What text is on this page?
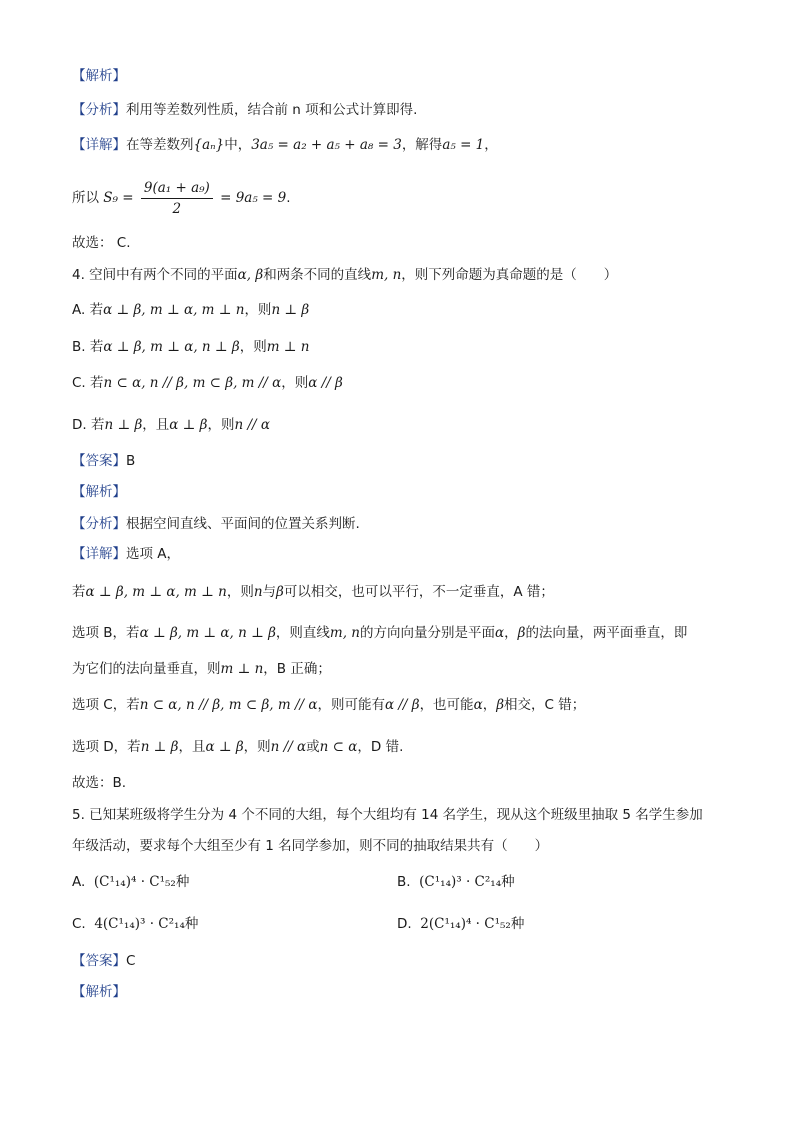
【解析】
【分析】利用等差数列性质，结合前 n 项和公式计算即得.
【详解】在等差数列{aₙ}中，3a₅ = a₂ + a₅ + a₈ = 3，解得a₅ = 1，
所以 $S_9 = \frac{\text{9(a₁ + a₉)}}{2} = 9a_5 = 9$.
故选： C.
4. 空间中有两个不同的平面α, β和两条不同的直线m, n，则下列命题为真命题的是（　　）
A. 若α ⊥ β, m ⊥ α, m ⊥ n，则n ⊥ β
B. 若α ⊥ β, m ⊥ α, n ⊥ β，则m ⊥ n
C. 若n ⊂ α, n // β, m ⊂ β, m // α，则α // β
D. 若n ⊥ β，且α ⊥ β，则n // α
【答案】B
【解析】
【分析】根据空间直线、平面间的位置关系判断.
【详解】选项 A，
若α ⊥ β, m ⊥ α, m ⊥ n，则n与β可以相交，也可以平行，不一定垂直，A 错；
选项 B，若α ⊥ β, m ⊥ α, n ⊥ β，则直线m, n的方向向量分别是平面α，β的法向量，两平面垂直，即
为它们的法向量垂直，则m ⊥ n，B 正确；
选项 C，若n ⊂ α, n // β, m ⊂ β, m // α，则可能有α // β，也可能α，β相交，C 错；
选项 D，若n ⊥ β，且α ⊥ β，则n // α或n ⊂ α，D 错.
故选：B.
5. 已知某班级将学生分为 4 个不同的大组，每个大组均有 14 名学生，现从这个班级里抽取 5 名学生参加
年级活动，要求每个大组至少有 1 名同学参加，则不同的抽取结果共有（　　）
A. (C¹₁₄)⁴ · C¹₅₂种	B. (C¹₁₄)³ · C²₁₄种
C. 4(C¹₁₄)³ · C²₁₄种	D. 2(C¹₁₄)⁴ · C¹₅₂种
【答案】C
【解析】
